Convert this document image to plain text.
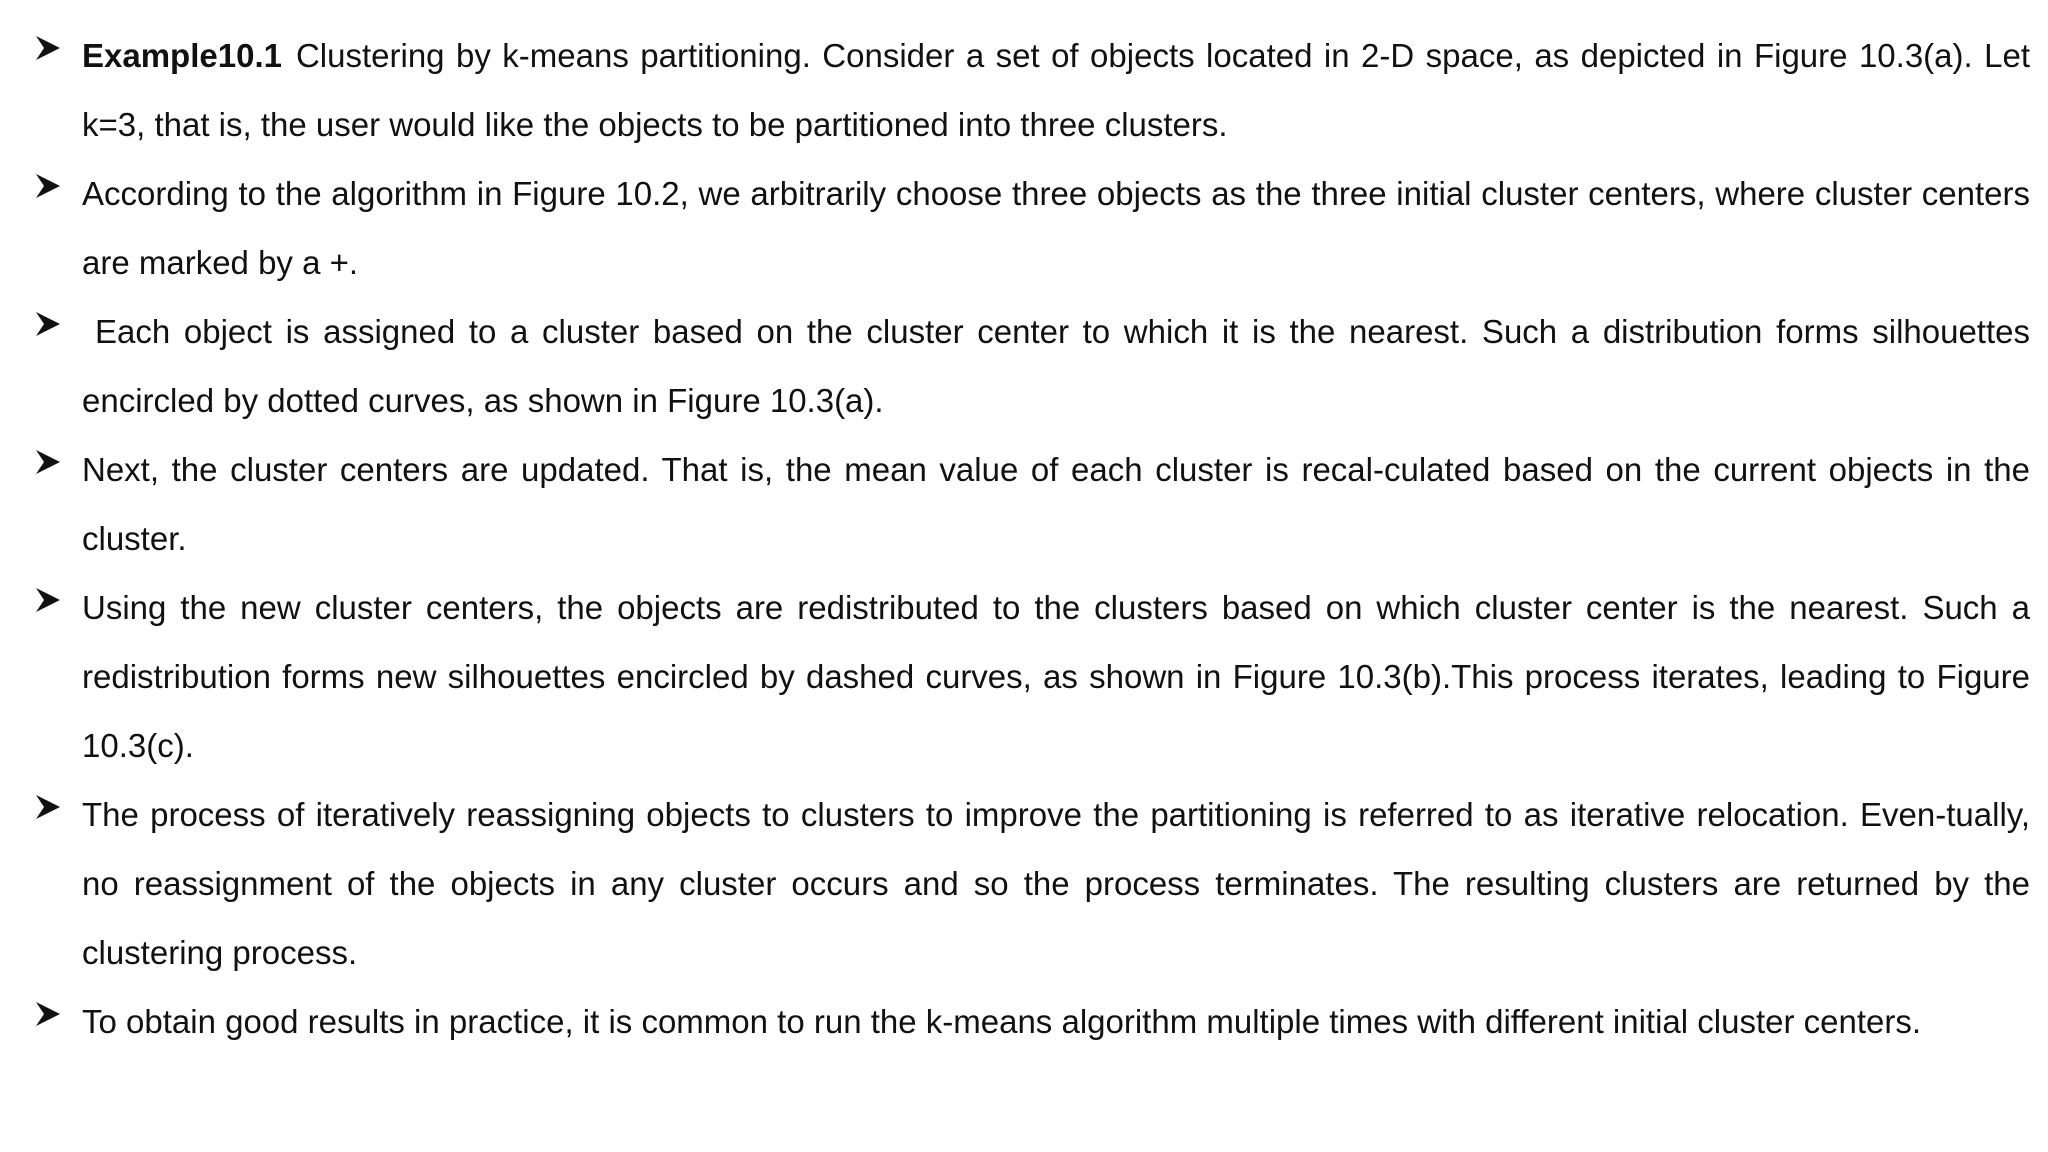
Example10.1 Clustering by k-means partitioning. Consider a set of objects located in 2-D space, as depicted in Figure 10.3(a). Let k=3, that is, the user would like the objects to be partitioned into three clusters.
According to the algorithm in Figure 10.2, we arbitrarily choose three objects as the three initial cluster centers, where cluster centers are marked by a +.
Each object is assigned to a cluster based on the cluster center to which it is the nearest. Such a distribution forms silhouettes encircled by dotted curves, as shown in Figure 10.3(a).
Next, the cluster centers are updated. That is, the mean value of each cluster is recal-culated based on the current objects in the cluster.
Using the new cluster centers, the objects are redistributed to the clusters based on which cluster center is the nearest. Such a redistribution forms new silhouettes encircled by dashed curves, as shown in Figure 10.3(b).This process iterates, leading to Figure 10.3(c).
The process of iteratively reassigning objects to clusters to improve the partitioning is referred to as iterative relocation. Even-tually, no reassignment of the objects in any cluster occurs and so the process terminates. The resulting clusters are returned by the clustering process.
To obtain good results in practice, it is common to run the k-means algorithm multiple times with different initial cluster centers.
